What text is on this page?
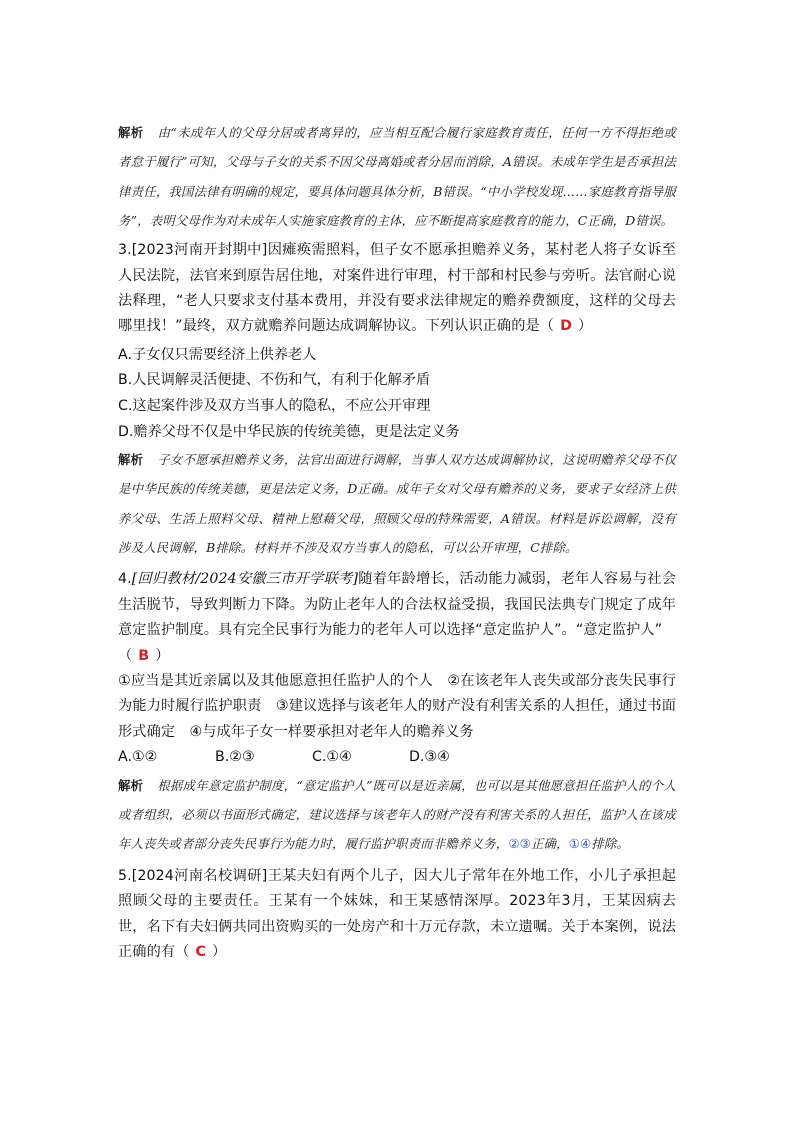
解析 由“未成年人的父母分居或者离异的，应当相互配合履行家庭教育责任，任何一方不得拒绝或者怠于履行”可知，父母与子女的关系不因父母离婚或者分居而消除，A错误。未成年学生是否承担法律责任，我国法律有明确的规定，要具体问题具体分析，B错误。“中小学校发现……家庭教育指导服务”，表明父母作为对未成年人实施家庭教育的主体，应不断提高家庭教育的能力，C正确，D错误。

3.[2023河南开封期中]因瘫痪需照料，但子女不愿承担赡养义务，某村老人将子女诉至人民法院，法官来到原告居住地，对案件进行审理，村干部和村民参与旁听。法官耐心说法释理，“老人只要求支付基本费用，并没有要求法律规定的赡养费额度，这样的父母去哪里找！”最终，双方就赡养问题达成调解协议。下列认识正确的是（ D ）

A.子女仅只需要经济上供养老人
B.人民调解灵活便捷、不伤和气，有利于化解矛盾
C.这起案件涉及双方当事人的隐私，不应公开审理
D.赡养父母不仅是中华民族的传统美德，更是法定义务

解析 子女不愿承担赡养义务，法官出面进行调解，当事人双方达成调解协议，这说明赡养父母不仅是中华民族的传统美德，更是法定义务，D正确。成年子女对父母有赡养的义务，要求子女经济上供养父母、生活上照料父母、精神上慰藉父母，照顾父母的特殊需要，A错误。材料是诉讼调解，没有涉及人民调解，B排除。材料并不涉及双方当事人的隐私，可以公开审理，C排除。

4.[回归教材/2024安徽三市开学联考]随着年龄增长，活动能力减弱，老年人容易与社会生活脱节，导致判断力下降。为防止老年人的合法权益受损，我国民法典专门规定了成年意定监护制度。具有完全民事行为能力的老年人可以选择“意定监护人”。“意定监护人”
（ B ）

①应当是其近亲属以及其他愿意担任监护人的个人　②在该老年人丧失或部分丧失民事行为能力时履行监护职责　③建议选择与该老年人的财产没有利害关系的人担任，通过书面形式确定　④与成年子女一样要承担对老年人的赡养义务

A.①②	B.②③	C.①④	D.③④

解析 根据成年意定监护制度，“意定监护人”既可以是近亲属，也可以是其他愿意担任监护人的个人或者组织，必须以书面形式确定，建议选择与该老年人的财产没有利害关系的人担任，监护人在该成年人丧失或者部分丧失民事行为能力时，履行监护职责而非赡养义务，②③正确，①④排除。

5.[2024河南名校调研]王某夫妇有两个儿子，因大儿子常年在外地工作，小儿子承担起照顾父母的主要责任。王某有一个妹妹，和王某感情深厚。2023年3月，王某因病去世，名下有夫妇俩共同出资购买的一处房产和十万元存款，未立遗嘱。关于本案例，说法正确的有（ C ）
